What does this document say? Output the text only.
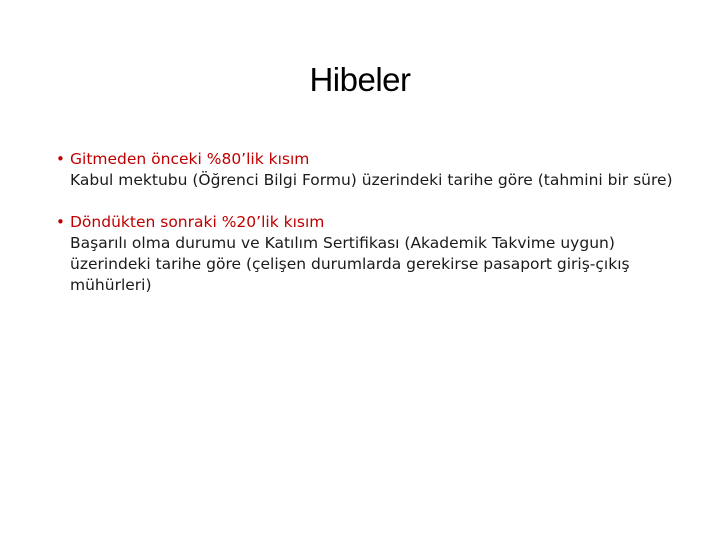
Hibeler
• Gitmeden önceki %80’lik kısım
Kabul mektubu (Öğrenci Bilgi Formu) üzerindeki tarihe göre (tahmini bir süre)
• Döndükten sonraki %20’lik kısım
Başarılı olma durumu ve Katılım Sertifikası (Akademik Takvime uygun) üzerindeki tarihe göre (çelişen durumlarda gerekirse pasaport giriş-çıkış mühürleri)
